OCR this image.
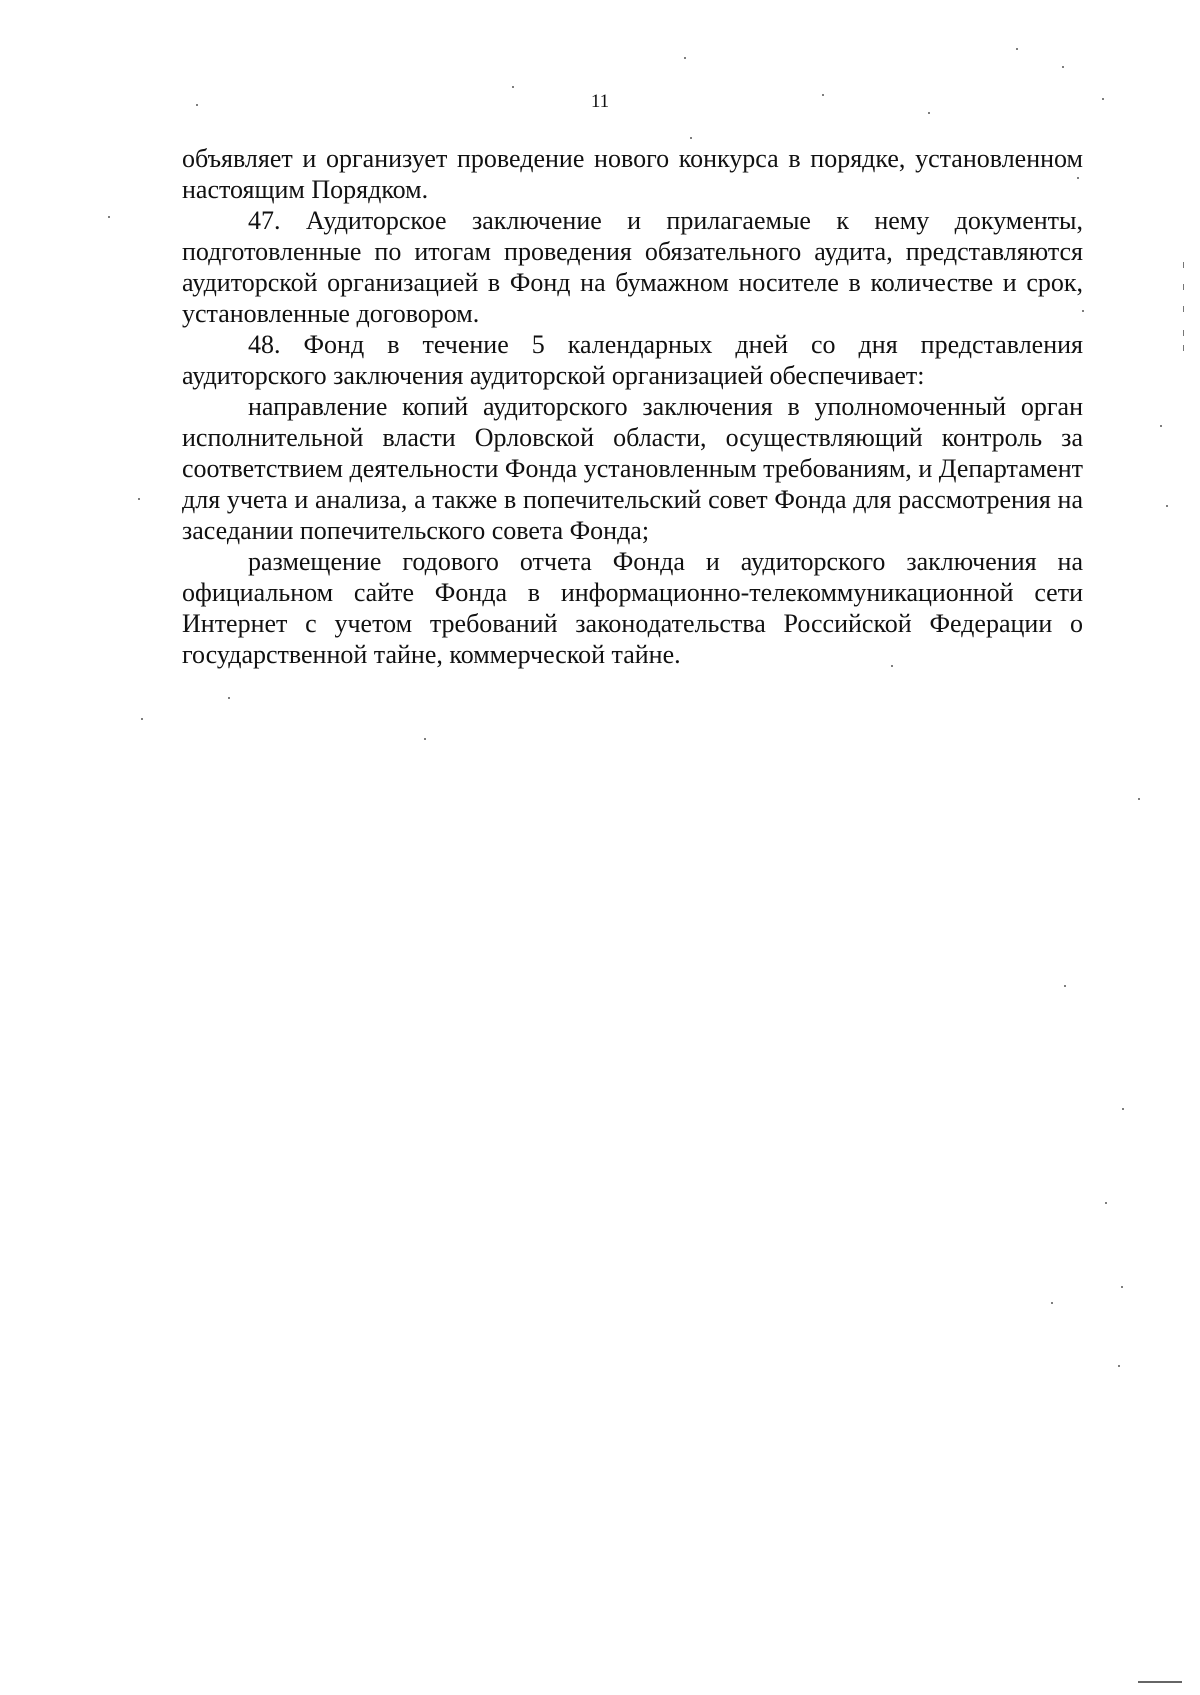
11

объявляет и организует проведение нового конкурса в порядке, установленном настоящим Порядком.

47. Аудиторское заключение и прилагаемые к нему документы, подготовленные по итогам проведения обязательного аудита, представляются аудиторской организацией в Фонд на бумажном носителе в количестве и срок, установленные договором.

48. Фонд в течение 5 календарных дней со дня представления аудиторского заключения аудиторской организацией обеспечивает:

направление копий аудиторского заключения в уполномоченный орган исполнительной власти Орловской области, осуществляющий контроль за соответствием деятельности Фонда установленным требованиям, и Департамент для учета и анализа, а также в попечительский совет Фонда для рассмотрения на заседании попечительского совета Фонда;

размещение годового отчета Фонда и аудиторского заключения на официальном сайте Фонда в информационно-телекоммуникационной сети Интернет с учетом требований законодательства Российской Федерации о государственной тайне, коммерческой тайне.
